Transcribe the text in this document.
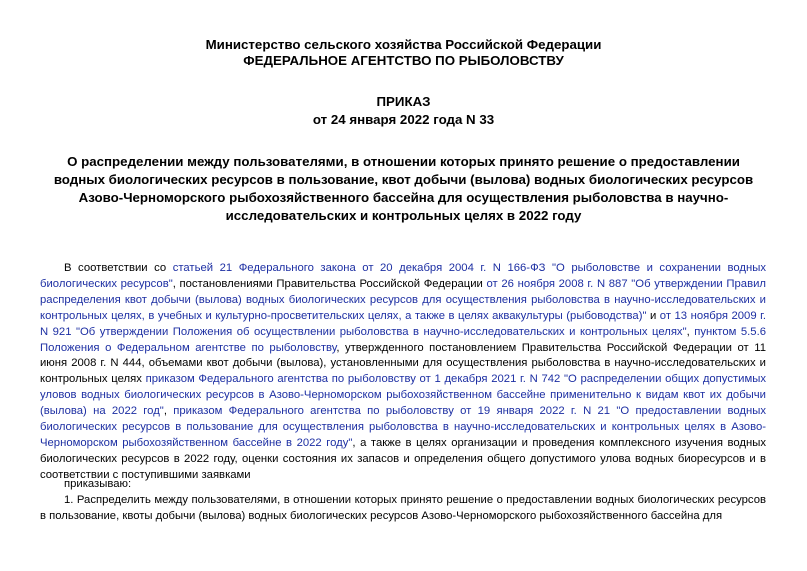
Министерство сельского хозяйства Российской Федерации
ФЕДЕРАЛЬНОЕ АГЕНТСТВО ПО РЫБОЛОВСТВУ
ПРИКАЗ
от 24 января 2022 года N 33
О распределении между пользователями, в отношении которых принято решение о предоставлении водных биологических ресурсов в пользование, квот добычи (вылова) водных биологических ресурсов Азово-Черноморского рыбохозяйственного бассейна для осуществления рыболовства в научно-исследовательских и контрольных целях в 2022 году
В соответствии со статьей 21 Федерального закона от 20 декабря 2004 г. N 166-ФЗ "О рыболовстве и сохранении водных биологических ресурсов", постановлениями Правительства Российской Федерации от 26 ноября 2008 г. N 887 "Об утверждении Правил распределения квот добычи (вылова) водных биологических ресурсов для осуществления рыболовства в научно-исследовательских и контрольных целях, в учебных и культурно-просветительских целях, а также в целях аквакультуры (рыбоводства)" и от 13 ноября 2009 г. N 921 "Об утверждении Положения об осуществлении рыболовства в научно-исследовательских и контрольных целях", пунктом 5.5.6 Положения о Федеральном агентстве по рыболовству, утвержденного постановлением Правительства Российской Федерации от 11 июня 2008 г. N 444, объемами квот добычи (вылова), установленными для осуществления рыболовства в научно-исследовательских и контрольных целях приказом Федерального агентства по рыболовству от 1 декабря 2021 г. N 742 "О распределении общих допустимых уловов водных биологических ресурсов в Азово-Черноморском рыбохозяйственном бассейне применительно к видам квот их добычи (вылова) на 2022 год", приказом Федерального агентства по рыболовству от 19 января 2022 г. N 21 "О предоставлении водных биологических ресурсов в пользование для осуществления рыболовства в научно-исследовательских и контрольных целях в Азово-Черноморском рыбохозяйственном бассейне в 2022 году", а также в целях организации и проведения комплексного изучения водных биологических ресурсов в 2022 году, оценки состояния их запасов и определения общего допустимого улова водных биоресурсов и в соответствии с поступившими заявками
приказываю:
1. Распределить между пользователями, в отношении которых принято решение о предоставлении водных биологических ресурсов в пользование, квоты добычи (вылова) водных биологических ресурсов Азово-Черноморского рыбохозяйственного бассейна для
